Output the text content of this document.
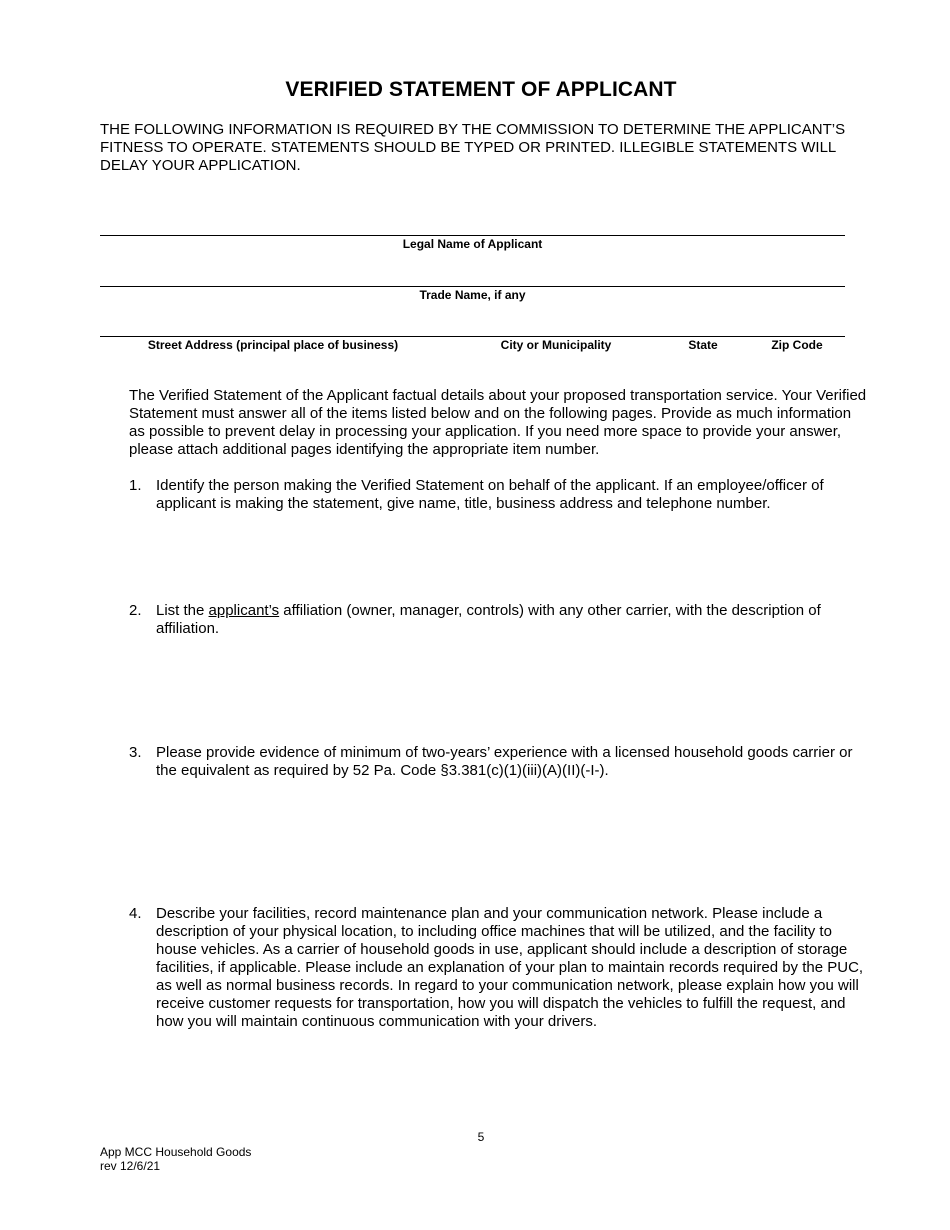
VERIFIED STATEMENT OF APPLICANT
THE FOLLOWING INFORMATION IS REQUIRED BY THE COMMISSION TO DETERMINE THE APPLICANT’S FITNESS TO OPERATE. STATEMENTS SHOULD BE TYPED OR PRINTED. ILLEGIBLE STATEMENTS WILL DELAY YOUR APPLICATION.
Legal Name of Applicant
Trade Name, if any
Street Address (principal place of business)	City or Municipality	State	Zip Code
The Verified Statement of the Applicant factual details about your proposed transportation service. Your Verified Statement must answer all of the items listed below and on the following pages. Provide as much information as possible to prevent delay in processing your application. If you need more space to provide your answer, please attach additional pages identifying the appropriate item number.
1. Identify the person making the Verified Statement on behalf of the applicant. If an employee/officer of applicant is making the statement, give name, title, business address and telephone number.
2. List the applicant’s affiliation (owner, manager, controls) with any other carrier, with the description of affiliation.
3. Please provide evidence of minimum of two-years’ experience with a licensed household goods carrier or the equivalent as required by 52 Pa. Code §3.381(c)(1)(iii)(A)(II)(-I-).
4. Describe your facilities, record maintenance plan and your communication network. Please include a description of your physical location, to including office machines that will be utilized, and the facility to house vehicles. As a carrier of household goods in use, applicant should include a description of storage facilities, if applicable. Please include an explanation of your plan to maintain records required by the PUC, as well as normal business records. In regard to your communication network, please explain how you will receive customer requests for transportation, how you will dispatch the vehicles to fulfill the request, and how you will maintain continuous communication with your drivers.
5
App MCC Household Goods
rev 12/6/21
